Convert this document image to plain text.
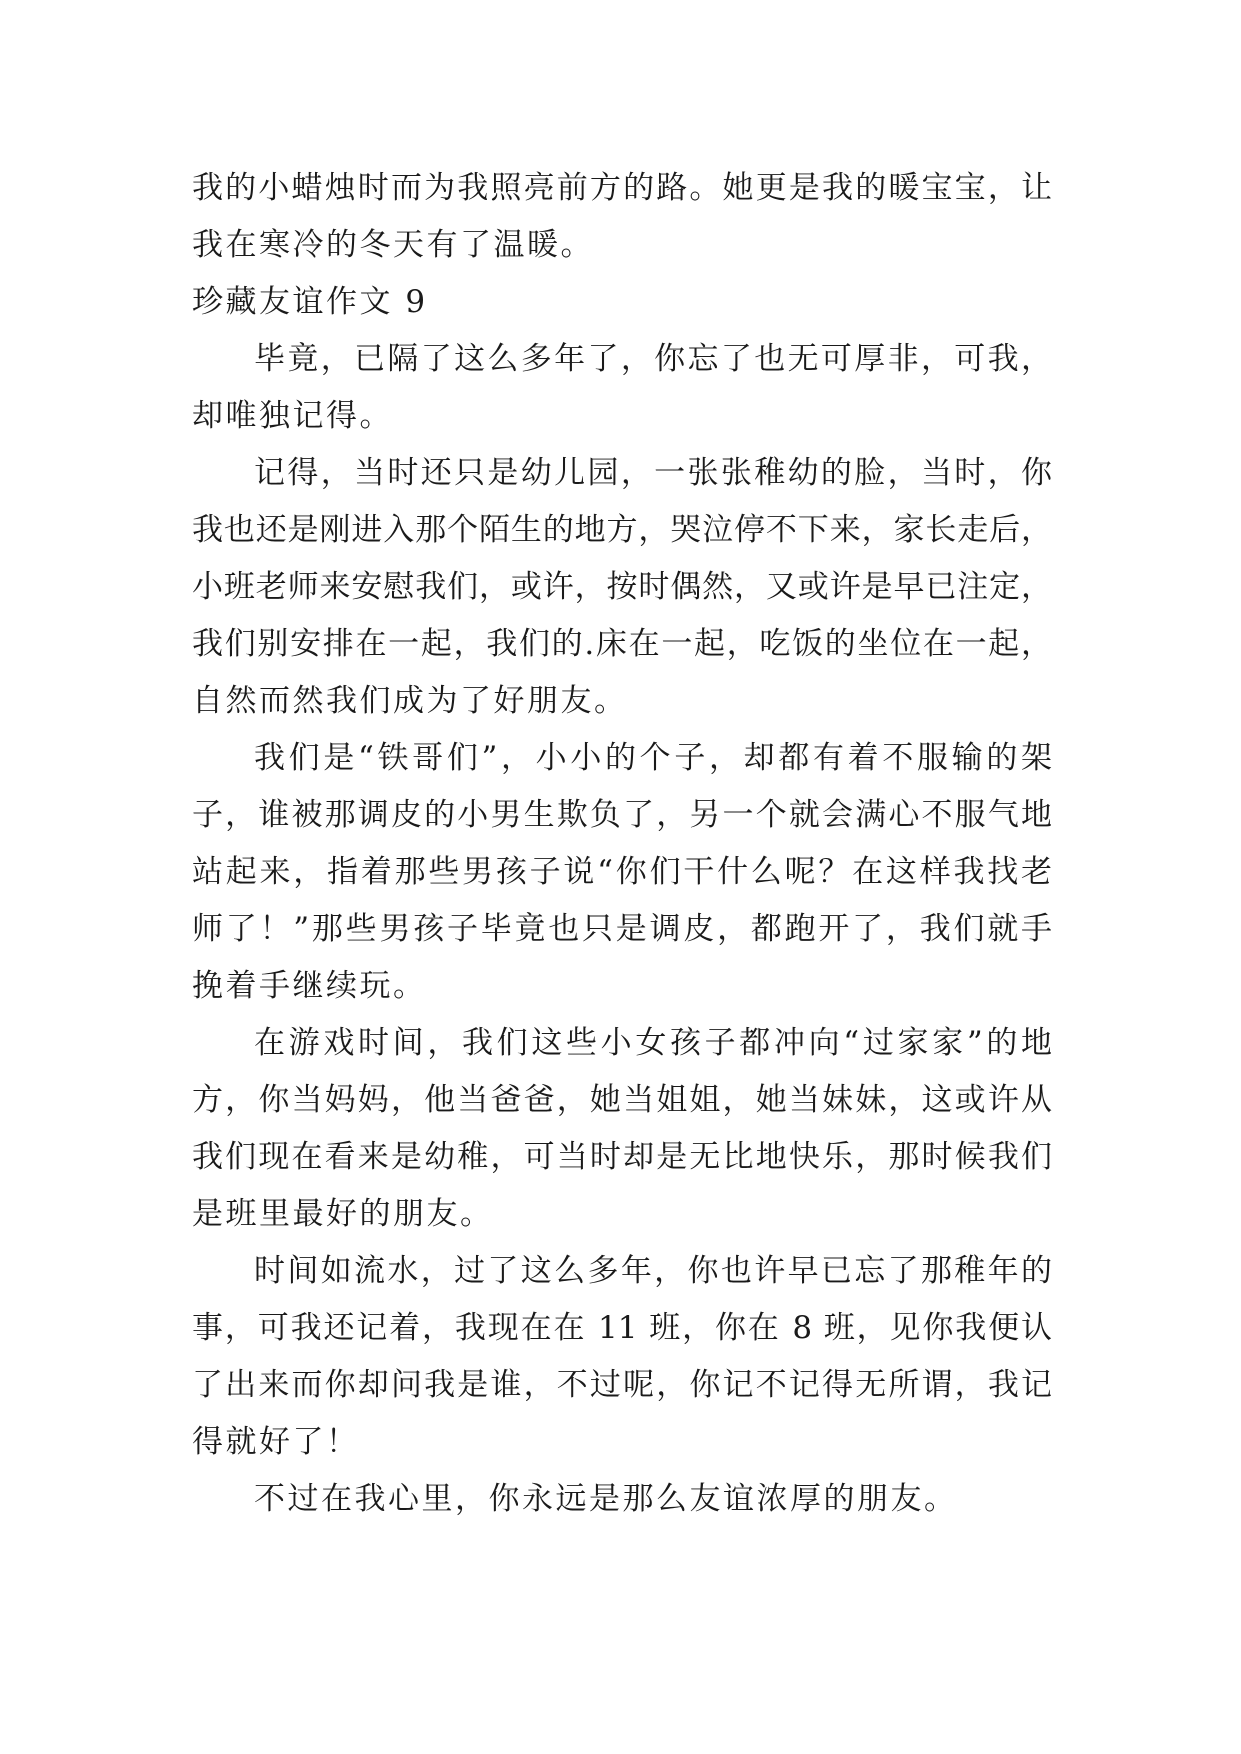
我的小蜡烛时而为我照亮前方的路。她更是我的暖宝宝，让
我在寒冷的冬天有了温暖。
珍藏友谊作文 9
毕竟，已隔了这么多年了，你忘了也无可厚非，可我，
却唯独记得。
记得，当时还只是幼儿园，一张张稚幼的脸，当时，你
我也还是刚进入那个陌生的地方，哭泣停不下来，家长走后，
小班老师来安慰我们，或许，按时偶然，又或许是早已注定，
我们别安排在一起，我们的.床在一起，吃饭的坐位在一起，
自然而然我们成为了好朋友。
我们是“铁哥们”，小小的个子，却都有着不服输的架
子，谁被那调皮的小男生欺负了，另一个就会满心不服气地
站起来，指着那些男孩子说“你们干什么呢？在这样我找老
师了！”那些男孩子毕竟也只是调皮，都跑开了，我们就手
挽着手继续玩。
在游戏时间，我们这些小女孩子都冲向“过家家”的地
方，你当妈妈，他当爸爸，她当姐姐，她当妹妹，这或许从
我们现在看来是幼稚，可当时却是无比地快乐，那时候我们
是班里最好的朋友。
时间如流水，过了这么多年，你也许早已忘了那稚年的
事，可我还记着，我现在在 11 班，你在 8 班，见你我便认
了出来而你却问我是谁，不过呢，你记不记得无所谓，我记
得就好了！
不过在我心里，你永远是那么友谊浓厚的朋友。
